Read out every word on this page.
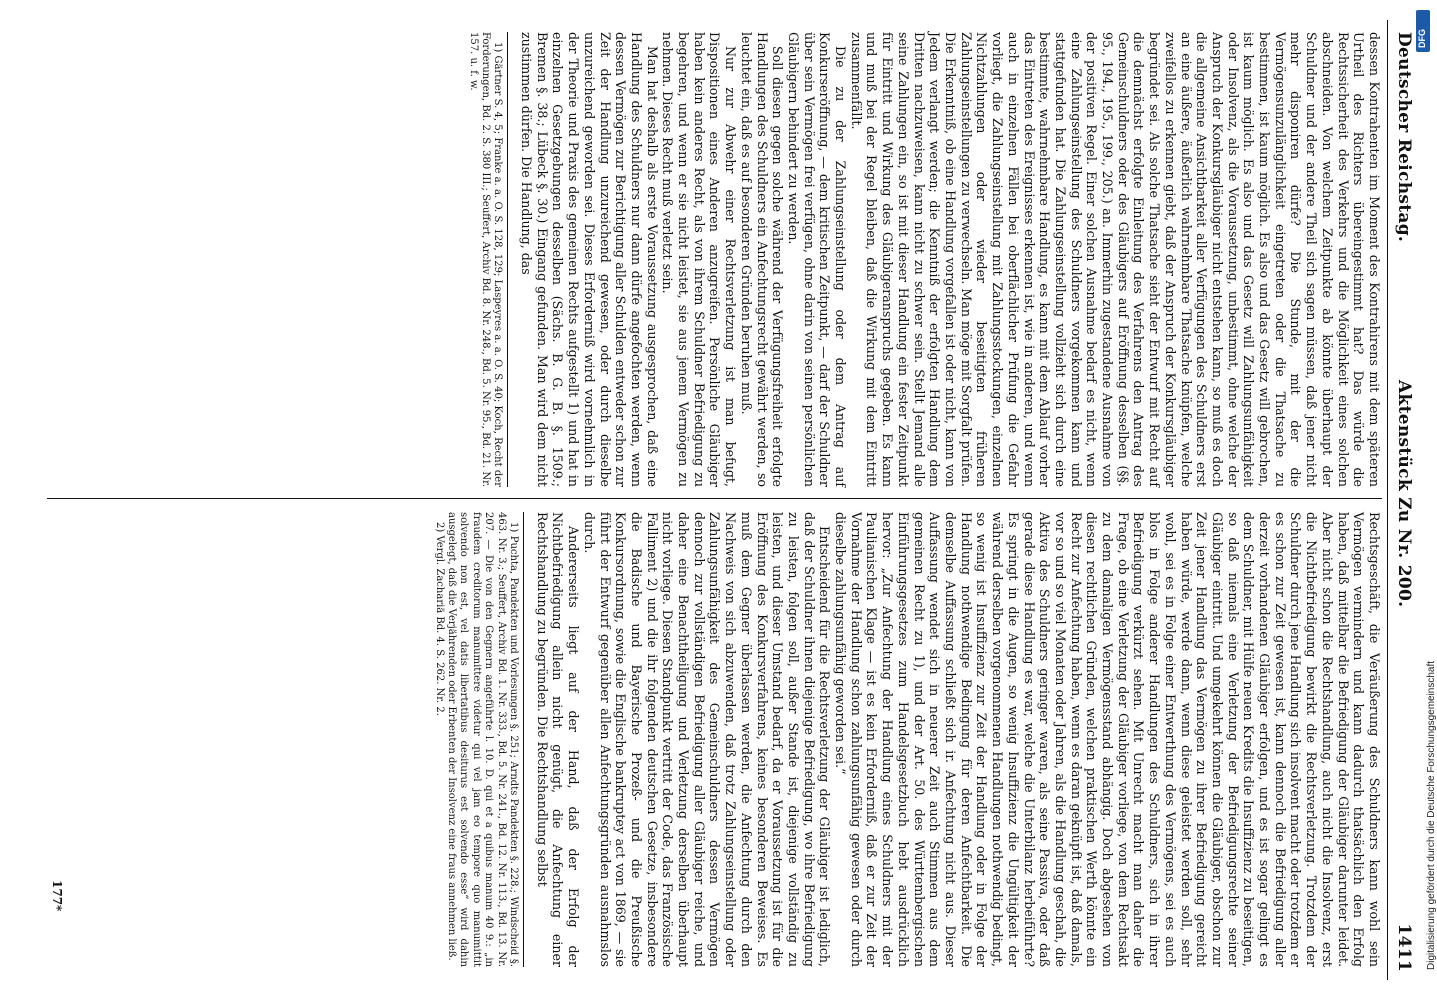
Deutscher Reichstag.
Aktenstück Zu Nr. 200.
1411

dessen Kontrahenten im Moment des Kontrahirens mit dem späteren Urtheil des Richters übereingestimmt hat? Das würde die Rechtssicherheit des Verkehrs und die Möglichkeit eines solchen abschneiden. Von welchem Zeitpunkte ab könnte überhaupt der Schuldner und der andere Theil sich sagen müssen, daß jener nicht mehr disponiren dürfe? Die Stunde, mit der die Vermögensunzulänglichkeit eingetreten oder die Thatsache zu bestimmen, ist kaum möglich. Es also und das Gesetz will gebrochen, ist kaum möglich. Es also und das Gesetz will Zahlungsunfähigkeit oder Insolvenz, als die Voraussetzung, unbestimmt, ohne welche der Anspruch der Konkursgläubiger nicht entstehen kann, so muß es doch die allgemeine Ansichtbarkeit aller Verfügungen des Schuldners erst an eine äußere, äußerlich wahrnehmbare Thatsache knüpfen, welche zweifellos zu erkennen giebt, daß der Anspruch der Konkursgläubiger begründet sei. Als solche Thatsache sieht der Entwurf mit Recht auf die demnächst erfolgte Einleitung des Verfahrens den Antrag des Gemeinschuldners oder des Gläubigers auf Eröffnung desselben (§§. 95., 194., 195., 199., 205.) an. Immerhin zugestandene Ausnahme von der positiven Regel. Einer solchen Ausnahme bedarf es nicht, wenn eine Zahlungseinstellung des Schuldners vorgekommen kann und stattgefunden hat. Die Zahlungseinstellung vollzieht sich durch eine bestimmte, wahrnehmbare Handlung, es kann mit dem Ablauf vorher das Eintreten des Ereignisses erkennen ist, wie in anderen, und wenn auch in einzelnen Fällen bei oberflächlicher Prüfung die Gefahr vorliegt, die Zahlungseinstellung mit Zahlungsstockungen, einzelnen Nichtzahlungen oder wieder beseitigten früheren Zahlungseinstellungen zu verwechseln. Man möge mit Sorgfalt prüfen. Die Erkenntniß, ob eine Handlung vorgefallen ist oder nicht, kann von Jedem verlangt werden; die Kenntniß der erfolgten Handlung dem Dritten nachzuweisen, kann nicht zu schwer sein. Stellt Jemand alle seine Zahlungen ein, so ist mit dieser Handlung ein fester Zeitpunkt für Eintritt und Wirkung des Gläubigeranspruchs gegeben. Es kann und muß bei der Regel bleiben, daß die Wirkung mit dem Eintritt zusammenfällt.

Die zu der Zahlungseinstellung oder dem Antrag auf Konkurseröffnung, — dem kritischen Zeitpunkt, — darf der Schuldner über sein Vermögen frei verfügen, ohne darin von seinen persönlichen Gläubigern behindert zu werden.

Soll diesen gegen solche während der Verfügungsfreiheit erfolgte Handlungen des Schuldners ein Anfechtungsrecht gewährt werden, so leuchtet ein, daß es auf besonderen Gründen beruhen muß.

Nur zur Abwehr einer Rechtsverletzung ist man befugt, Dispositionen eines Anderen anzugreifen. Persönliche Gläubiger haben kein anderes Recht, als von ihrem Schuldner Befriedigung zu begehren, und wenn er sie nicht leistet, sie aus jenem Vermögen zu nehmen. Dieses Recht muß verletzt sein.

Man hat deshalb als erste Voraussetzung ausgesprochen, daß eine Handlung des Schuldners nur dann dürfe angefochten werden, wenn dessen Vermögen zur Berichtigung aller Schulden entweder schon zur Zeit der Handlung unzureichend gewesen, oder durch dieselbe unzureichend geworden sei. Dieses Erforderniß wird vornehmlich in der Theorie und Praxis des gemeinen Rechts aufgestellt 1) und hat in einzelnen Gesetzgebungen desselben (Sächs. B. G. B. §. 1509.; Bremen §. 38.; Lübeck §. 30.) Eingang gefunden. Man wird dem nicht zustimmen dürfen. Die Handlung, das

1) Gärtner S. 4, 5; Franke a. a. O. S. 128, 129; Laspeyres a. a. O. S. 40; Koch, Recht der Forderungen, Bd. 2. S. 380 III.; Seuffert, Archiv Bd. 8. Nr. 248., Bd. 5. Nr. 95., Bd. 21. Nr. 157. u. f. w.

Rechtsgeschäft, die Veräußerung des Schuldners kann wohl sein Vermögen vermindern und kann dadurch thatsächlich den Erfolg haben, daß mittelbar die Befriedigung der Gläubiger darunter leidet. Aber nicht schon die Rechtshandlung, auch nicht die Insolvenz, erst die Nichtbefriedigung bewirkt die Rechtsverletzung. Trotzdem der Schuldner durch jene Handlung sich insolvent macht oder trotzdem er es schon zur Zeit gewesen ist, kann dennoch die Befriedigung aller derzeit vorhandenen Gläubiger erfolgen, und es ist sogar gelingt es dem Schuldner, mit Hülfe neuen Kredits die Insuffizienz zu beseitigen, so daß niemals eine Verletzung der Befriedigungsrechte seiner Gläubiger eintritt. Und umgekehrt können die Gläubiger, obschon zur Zeit jener Handlung das Vermögen zu ihrer Befriedigung gereicht haben würde, werde dann, wenn diese geleistet werden soll, sehr wohl, sei es in Folge einer Entwerthung des Vermögens, sei es auch blos in Folge anderer Handlungen des Schuldners, sich in ihrer Befriedigung verkürzt sehen. Mit Unrecht macht man daher die Frage, ob eine Verletzung der Gläubiger vorliege, von dem Rechtsakt zu dem damaligen Vermögensstand abhängig. Doch abgesehen von diesen rechtlichen Gründen, welchen praktischen Werth könnte ein Recht zur Anfechtung haben, wenn es daran geknüpft ist, daß damals, vor so und so viel Monaten oder Jahren, als die Handlung geschah, die Aktiva des Schuldners geringer waren, als seine Passiva, oder daß gerade diese Handlung es war, welche die Unterbilanz herbeiführte? Es springt in die Augen, so wenig Insuffizienz die Ungültigkeit der während derselben vorgenommenen Handlungen nothwendig bedingt, so wenig ist Insuffizienz zur Zeit der Handlung oder in Folge der Handlung nothwendige Bedingung für deren Anfechtbarkeit. Die demselbe Auffassung schließt sich ir. Anfechtung nicht aus. Dieser Auffassung wendet sich in neuerer Zeit auch Stimmen aus dem gemeinen Recht zu 1), und der Art. 50. des Württembergischen Einführungsgesetzes zum Handelsgesetzbuch hebt ausdrücklich hervor: „Zur Anfechtung der Handlung eines Schuldners mit der Paulianischen Klage — ist es kein Erforderniß, daß er zur Zeit der Vornahme der Handlung schon zahlungsunfähig gewesen oder durch dieselbe zahlungsunfähig geworden sei.“

Entscheidend für die Rechtsverletzung der Gläubiger ist lediglich, daß der Schuldner ihnen diejenige Befriedigung, wo ihre Befriedigung zu leisten, folgen soll, außer Stande ist, diejenige vollständig zu leisten, und dieser Umstand bedarf, da er Voraussetzung ist für die Eröffnung des Konkursverfahrens, keines besonderen Beweises. Es muß dem Gegner überlassen werden, die Anfechtung durch den Nachweis von sich abzuwenden, daß trotz Zahlungseinstellung oder Zahlungsunfähigkeit des Gemeinschuldners dessen Vermögen dennoch zur vollständigen Befriedigung aller Gläubiger reiche, und daher eine Benachtheiligung und Verletzung derselben überhaupt nicht vorliege. Diesen Standpunkt vertritt der Code, das Französische Falliment 2) und die ihr folgenden deutschen Gesetze, insbesondere die Badische und Bayerische Prozeß- und die Preußische Konkursordnung, sowie die Englische bankruptey act von 1869, — sie führt der Entwurf gegenüber allen Anfechtungsgründen ausnahmslos durch.

Andererseits liegt auf der Hand, daß der Erfolg der Nichtbefriedigung allein nicht genügt, die Anfechtung einer Rechtshandlung zu begründen. Die Rechtshandlung selbst

1) Puchta, Pandekten und Vorlesungen §. 251; Arndts Pandekten §. 228.; Windscheid §. 463. Nr. 3.; Seuffert, Archiv Bd. 1. Nr. 333., Bd. 5. Nr. 241., Bd. 12. Nr. 113., Bd. 13. Nr. 207. — Die von den Gegnern angeführte l. 10. D. qui et a quibus manum 40 9.: „in fraudem creditorum manumittere videtur qui vel jam eo tempore quo manumittit solvendo non est, vel datis libertatibus desiturus est solvendo esse“ wird dahin ausgelegt, daß die Verjährenden oder Erbenten der Insolvenz eine fraus annehmen ließ.

2) Vergl. Zachariä Bd. 4. S. 262. Nr. 2.

177*	Digitalisierung gefördert durch die Deutsche Forschungsgemeinschaft
DFG
